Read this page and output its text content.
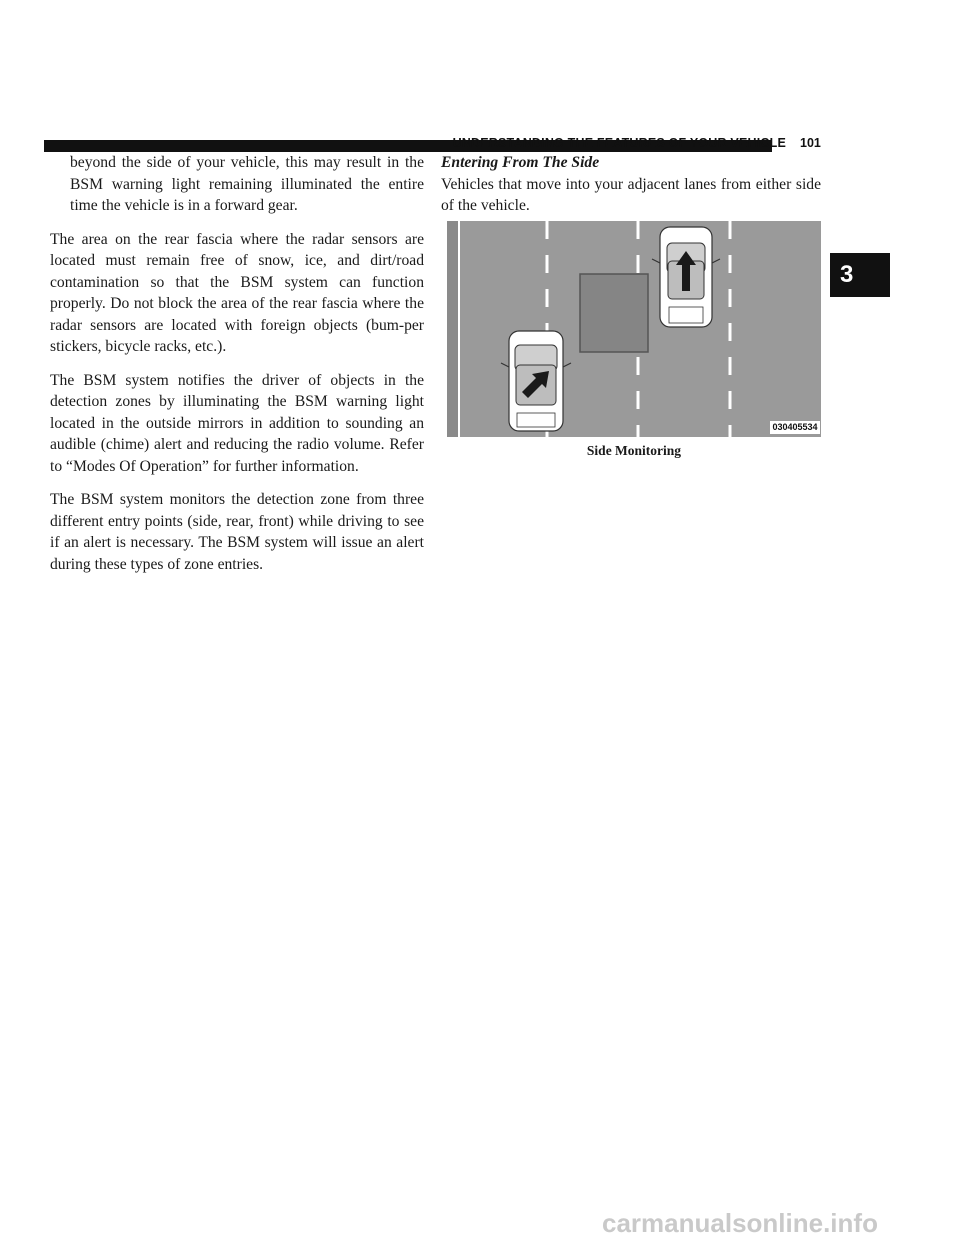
UNDERSTANDING THE FEATURES OF YOUR VEHICLE 101
3

beyond the side of your vehicle, this may result in the BSM warning light remaining illuminated the entire time the vehicle is in a forward gear.

The area on the rear fascia where the radar sensors are located must remain free of snow, ice, and dirt/road contamination so that the BSM system can function properly. Do not block the area of the rear fascia where the radar sensors are located with foreign objects (bum-per stickers, bicycle racks, etc.).

The BSM system notifies the driver of objects in the detection zones by illuminating the BSM warning light located in the outside mirrors in addition to sounding an audible (chime) alert and reducing the radio volume. Refer to “Modes Of Operation” for further information.

The BSM system monitors the detection zone from three different entry points (side, rear, front) while driving to see if an alert is necessary. The BSM system will issue an alert during these types of zone entries.

Entering From The Side

Vehicles that move into your adjacent lanes from either side of the vehicle.

030405534
Side Monitoring
carmanualsonline.info
